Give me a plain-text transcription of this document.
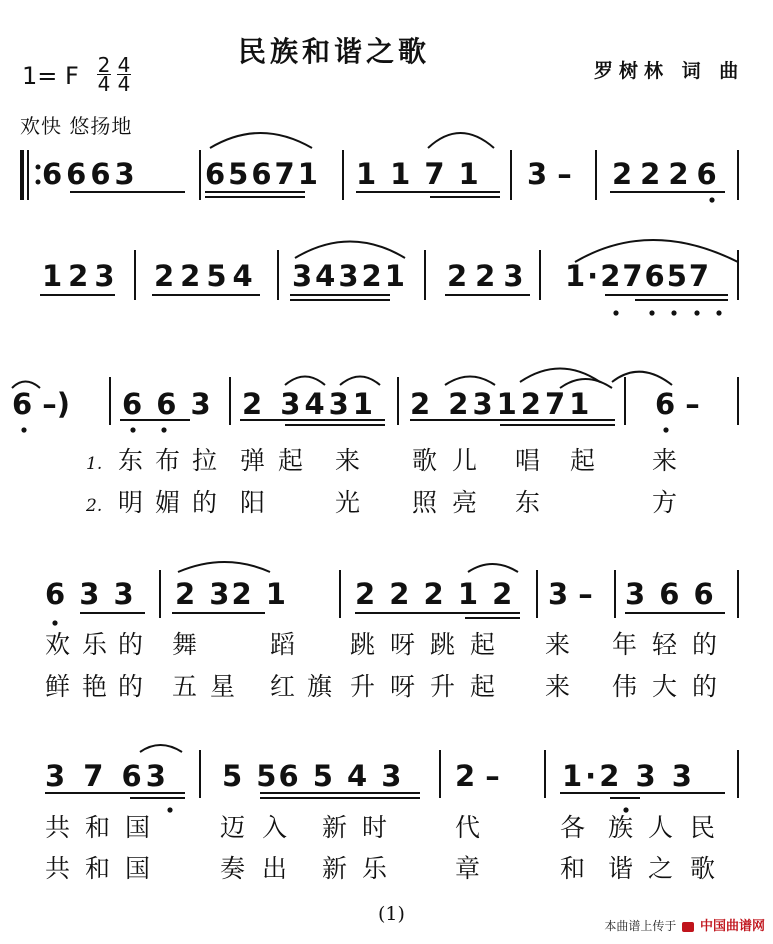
民族和谐之歌
罗树林 词 曲
1= F 2
4
4
4
欢快 悠扬地
6663 65671 1171 3 – 2226
123 2254 34321 223 1·27657
6 –) 6 6 3 2 3431 2 231271 6 –
6 3 3 2 32 1 2 2 2 1 2 3 – 3 6 6
3 7 63 5 56 5 4 3 2 – 1·2 3 3
1.
2.
东 布 拉 弹 起 来 歌 儿 唱 起 来
明 媚 的 阳	光 照 亮 东	方
欢 乐 的 舞	蹈 跳 呀 跳 起 来 年 轻 的
鲜 艳 的 五 星 红 旗 升 呀 升 起 来 伟 大 的
共 和 国	迈 入 新 时	代	各 族 人 民
共 和 国	奏 出 新 乐	章	和 谐 之 歌
(1)
本曲谱上传于 中国曲谱网
